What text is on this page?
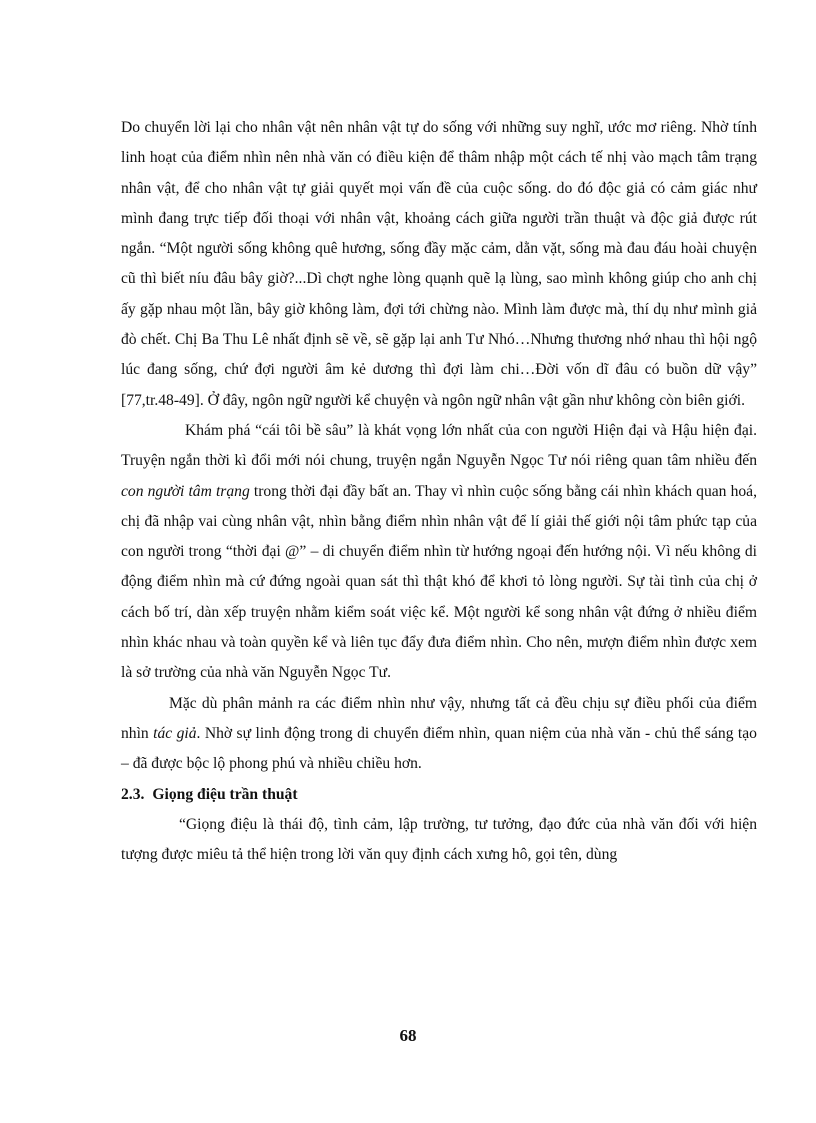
Do chuyển lời lại cho nhân vật nên nhân vật tự do sống với những suy nghĩ, ước mơ riêng. Nhờ tính linh hoạt của điểm nhìn nên nhà văn có điều kiện để thâm nhập một cách tế nhị vào mạch tâm trạng nhân vật, để cho nhân vật tự giải quyết mọi vấn đề của cuộc sống. do đó độc giả có cảm giác như mình đang trực tiếp đối thoại với nhân vật, khoảng cách giữa người trần thuật và độc giả được rút ngắn. “Một người sống không quê hương, sống đầy mặc cảm, dằn vặt, sống mà đau đáu hoài chuyện cũ thì biết níu đâu bây giờ?...Dì chợt nghe lòng quạnh quẽ lạ lùng, sao mình không giúp cho anh chị ấy gặp nhau một lần, bây giờ không làm, đợi tới chừng nào. Mình làm được mà, thí dụ như mình giả đò chết. Chị Ba Thu Lê nhất định sẽ về, sẽ gặp lại anh Tư Nhó…Nhưng thương nhớ nhau thì hội ngộ lúc đang sống, chứ đợi người âm kẻ dương thì đợi làm chi…Đời vốn dĩ đâu có buồn dữ vậy” [77,tr.48-49]. Ở đây, ngôn ngữ người kể chuyện và ngôn ngữ nhân vật gần như không còn biên giới.

Khám phá “cái tôi bề sâu” là khát vọng lớn nhất của con người Hiện đại và Hậu hiện đại. Truyện ngắn thời kì đổi mới nói chung, truyện ngắn Nguyễn Ngọc Tư nói riêng quan tâm nhiều đến con người tâm trạng trong thời đại đầy bất an. Thay vì nhìn cuộc sống bằng cái nhìn khách quan hoá, chị đã nhập vai cùng nhân vật, nhìn bằng điểm nhìn nhân vật để lí giải thế giới nội tâm phức tạp của con người trong “thời đại @” – di chuyển điểm nhìn từ hướng ngoại đến hướng nội. Vì nếu không di động điểm nhìn mà cứ đứng ngoài quan sát thì thật khó để khơi tỏ lòng người. Sự tài tình của chị ở cách bố trí, dàn xếp truyện nhằm kiểm soát việc kể. Một người kể song nhân vật đứng ở nhiều điểm nhìn khác nhau và toàn quyền kể và liên tục đẩy đưa điểm nhìn. Cho nên, mượn điểm nhìn được xem là sở trường của nhà văn Nguyễn Ngọc Tư.

Mặc dù phân mảnh ra các điểm nhìn như vậy, nhưng tất cả đều chịu sự điều phối của điểm nhìn tác giả. Nhờ sự linh động trong di chuyển điểm nhìn, quan niệm của nhà văn - chủ thể sáng tạo – đã được bộc lộ phong phú và nhiều chiều hơn.

2.3. Giọng điệu trần thuật

“Giọng điệu là thái độ, tình cảm, lập trường, tư tưởng, đạo đức của nhà văn đối với hiện tượng được miêu tả thể hiện trong lời văn quy định cách xưng hô, gọi tên, dùng

68
